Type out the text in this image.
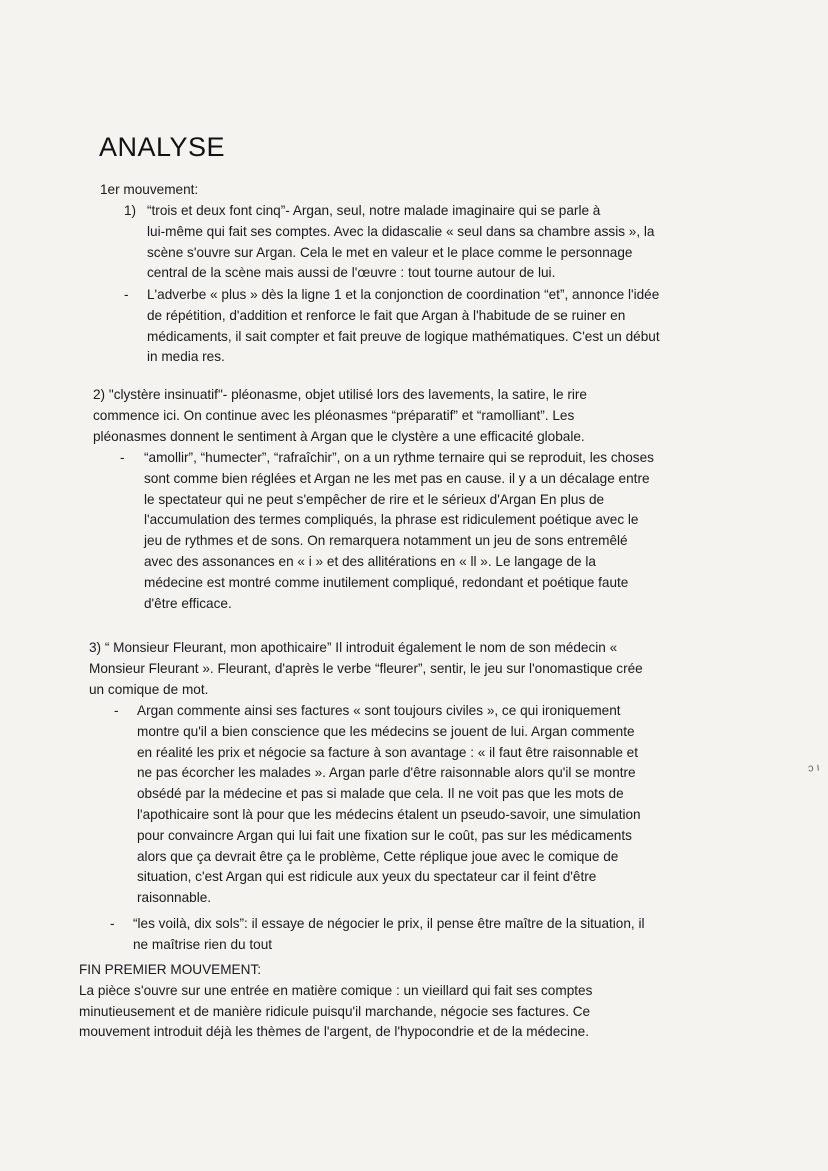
ANALYSE
1er mouvement:
1) “trois et deux font cinq”- Argan, seul, notre malade imaginaire qui se parle à
lui-même qui fait ses comptes. Avec la didascalie « seul dans sa chambre assis », la
scène s'ouvre sur Argan. Cela le met en valeur et le place comme le personnage
central de la scène mais aussi de l'œuvre : tout tourne autour de lui.
- L'adverbe « plus » dès la ligne 1 et la conjonction de coordination “et”, annonce l'idée
de répétition, d'addition et renforce le fait que Argan à l'habitude de se ruiner en
médicaments, il sait compter et fait preuve de logique mathématiques. C'est un début
in media res.
2) "clystère insinuatif"- pléonasme, objet utilisé lors des lavements, la satire, le rire
commence ici. On continue avec les pléonasmes “préparatif” et “ramolliant”. Les
pléonasmes donnent le sentiment à Argan que le clystère a une efficacité globale.
- “amollir”, “humecter”, “rafraîchir”, on a un rythme ternaire qui se reproduit, les choses
sont comme bien réglées et Argan ne les met pas en cause. il y a un décalage entre
le spectateur qui ne peut s'empêcher de rire et le sérieux d'Argan En plus de
l'accumulation des termes compliqués, la phrase est ridiculement poétique avec le
jeu de rythmes et de sons. On remarquera notamment un jeu de sons entremêlé
avec des assonances en « i » et des allitérations en « ll ». Le langage de la
médecine est montré comme inutilement compliqué, redondant et poétique faute
d'être efficace.
3) “ Monsieur Fleurant, mon apothicaire” Il introduit également le nom de son médecin «
Monsieur Fleurant ». Fleurant, d'après le verbe “fleurer”, sentir, le jeu sur l'onomastique crée
un comique de mot.
- Argan commente ainsi ses factures « sont toujours civiles », ce qui ironiquement
montre qu'il a bien conscience que les médecins se jouent de lui. Argan commente
en réalité les prix et négocie sa facture à son avantage : « il faut être raisonnable et
ne pas écorcher les malades ». Argan parle d'être raisonnable alors qu'il se montre
obsédé par la médecine et pas si malade que cela. Il ne voit pas que les mots de
l'apothicaire sont là pour que les médecins étalent un pseudo-savoir, une simulation
pour convaincre Argan qui lui fait une fixation sur le coût, pas sur les médicaments
alors que ça devrait être ça le problème, Cette réplique joue avec le comique de
situation, c'est Argan qui est ridicule aux yeux du spectateur car il feint d'être
raisonnable.
- “les voilà, dix sols”: il essaye de négocier le prix, il pense être maître de la situation, il
ne maîtrise rien du tout
FIN PREMIER MOUVEMENT:
La pièce s'ouvre sur une entrée en matière comique : un vieillard qui fait ses comptes
minutieusement et de manière ridicule puisqu'il marchande, négocie ses factures. Ce
mouvement introduit déjà les thèmes de l'argent, de l'hypocondrie et de la médecine.
ɔ ı
